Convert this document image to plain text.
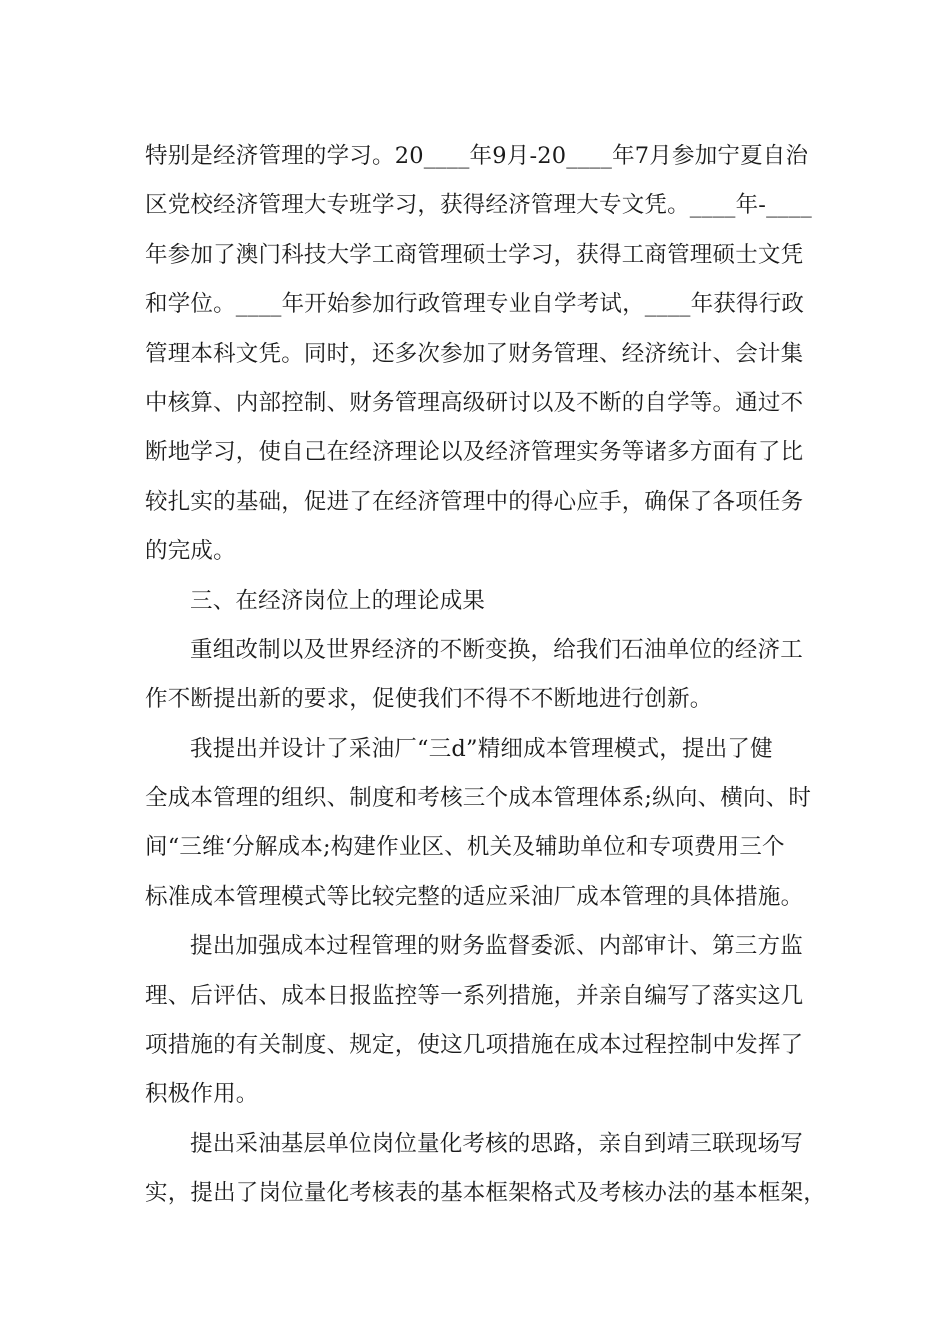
特别是经济管理的学习。20____年9月-20____年7月参加宁夏自治
区党校经济管理大专班学习，获得经济管理大专文凭。____年-____
年参加了澳门科技大学工商管理硕士学习，获得工商管理硕士文凭
和学位。____年开始参加行政管理专业自学考试，____年获得行政
管理本科文凭。同时，还多次参加了财务管理、经济统计、会计集
中核算、内部控制、财务管理高级研讨以及不断的自学等。通过不
断地学习，使自己在经济理论以及经济管理实务等诸多方面有了比
较扎实的基础，促进了在经济管理中的得心应手，确保了各项任务
的完成。
三、在经济岗位上的理论成果
重组改制以及世界经济的不断变换，给我们石油单位的经济工
作不断提出新的要求，促使我们不得不不断地进行创新。
我提出并设计了采油厂“三d”精细成本管理模式，提出了健
全成本管理的组织、制度和考核三个成本管理体系;纵向、横向、时
间“三维‘分解成本;构建作业区、机关及辅助单位和专项费用三个
标准成本管理模式等比较完整的适应采油厂成本管理的具体措施。
提出加强成本过程管理的财务监督委派、内部审计、第三方监
理、后评估、成本日报监控等一系列措施，并亲自编写了落实这几
项措施的有关制度、规定，使这几项措施在成本过程控制中发挥了
积极作用。
提出采油基层单位岗位量化考核的思路，亲自到靖三联现场写
实，提出了岗位量化考核表的基本框架格式及考核办法的基本框架，
